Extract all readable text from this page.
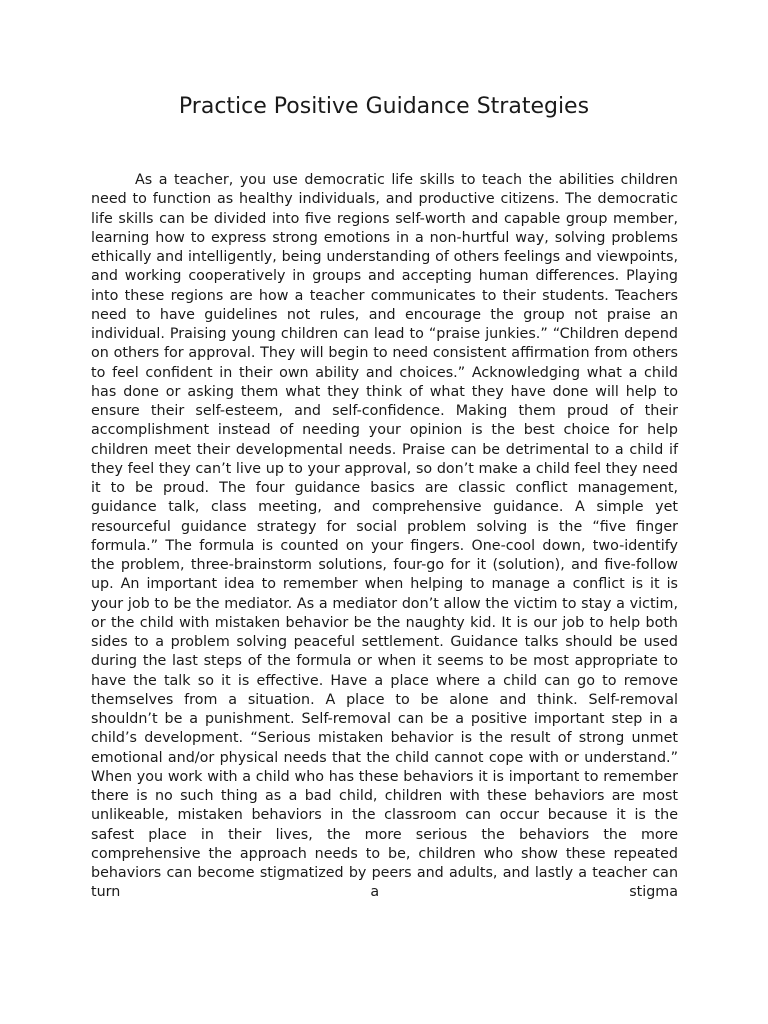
Practice Positive Guidance Strategies

As a teacher, you use democratic life skills to teach the abilities children need to function as healthy individuals, and productive citizens. The democratic life skills can be divided into five regions self-worth and capable group member, learning how to express strong emotions in a non-hurtful way, solving problems ethically and intelligently, being understanding of others feelings and viewpoints, and working cooperatively in groups and accepting human differences. Playing into these regions are how a teacher communicates to their students. Teachers need to have guidelines not rules, and encourage the group not praise an individual. Praising young children can lead to “praise junkies.” “Children depend on others for approval. They will begin to need consistent affirmation from others to feel confident in their own ability and choices.” Acknowledging what a child has done or asking them what they think of what they have done will help to ensure their self-esteem, and self-confidence. Making them proud of their accomplishment instead of needing your opinion is the best choice for help children meet their developmental needs. Praise can be detrimental to a child if they feel they can’t live up to your approval, so don’t make a child feel they need it to be proud. The four guidance basics are classic conflict management, guidance talk, class meeting, and comprehensive guidance. A simple yet resourceful guidance strategy for social problem solving is the “five finger formula.” The formula is counted on your fingers. One-cool down, two-identify the problem, three-brainstorm solutions, four-go for it (solution), and five-follow up. An important idea to remember when helping to manage a conflict is it is your job to be the mediator. As a mediator don’t allow the victim to stay a victim, or the child with mistaken behavior be the naughty kid. It is our job to help both sides to a problem solving peaceful settlement. Guidance talks should be used during the last steps of the formula or when it seems to be most appropriate to have the talk so it is effective. Have a place where a child can go to remove themselves from a situation. A place to be alone and think. Self-removal shouldn’t be a punishment. Self-removal can be a positive important step in a child’s development. “Serious mistaken behavior is the result of strong unmet emotional and/or physical needs that the child cannot cope with or understand.” When you work with a child who has these behaviors it is important to remember there is no such thing as a bad child, children with these behaviors are most unlikeable, mistaken behaviors in the classroom can occur because it is the safest place in their lives, the more serious the behaviors the more comprehensive the approach needs to be, children who show these repeated behaviors can become stigmatized by peers and adults, and lastly a teacher can turn a stigma
